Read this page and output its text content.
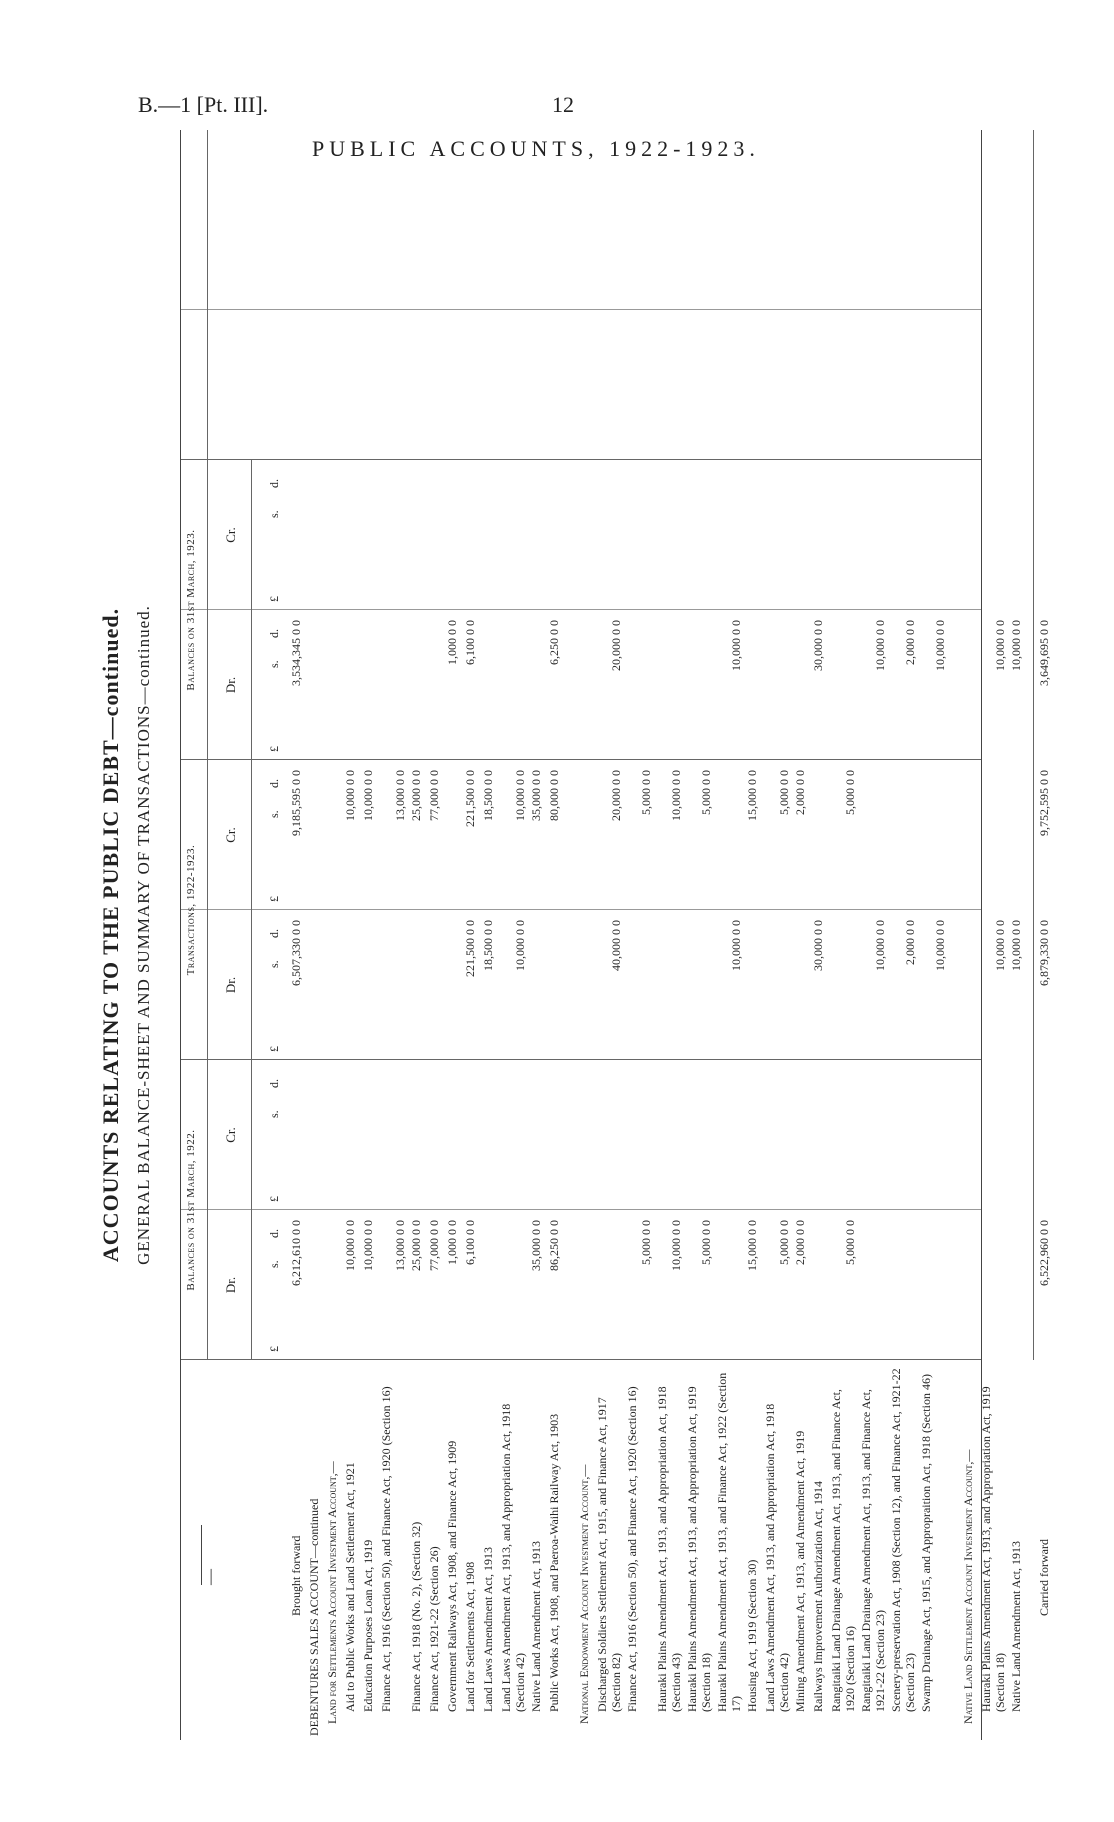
B.—1 [Pt. III].	12
PUBLIC ACCOUNTS, 1922-1923.
ACCOUNTS RELATING TO THE PUBLIC DEBT—continued. GENERAL BALANCE-SHEET AND SUMMARY OF TRANSACTIONS—continued.
—
Balances on 31st March, 1922.
Transactions, 1922-1923.
Balances on 31st March, 1923.
Dr.
Cr.
Dr.
Cr.
Dr.
Cr.
£
s.
d.
£
s.
d.
£
s.
d.
£
s.
d.
£
s.
d.
£
s.
d.
Brought forward
6,212,610 0 0
6,507,330 0 0
9,185,595 0 0
3,534,345 0 0
DEBENTURES SALES ACCOUNT—continued Land for Settlements Account Investment Account,— Aid to Public Works and Land Settlement Act, 1921
10,000 0 0
10,000 0 0
Education Purposes Loan Act, 1919
10,000 0 0
10,000 0 0
Finance Act, 1916 (Section 50), and Finance Act, 1920 (Section 16)
13,000 0 0
13,000 0 0
Finance Act, 1918 (No. 2), (Section 32)
25,000 0 0
25,000 0 0
Finance Act, 1921-22 (Section 26)
77,000 0 0
77,000 0 0
Government Railways Act, 1908, and Finance Act, 1909
1,000 0 0
1,000 0 0
Land for Settlements Act, 1908
6,100 0 0
221,500 0 0
221,500 0 0
6,100 0 0
Land Laws Amendment Act, 1913
18,500 0 0
18,500 0 0
Land Laws Amendment Act, 1913, and Appropriation Act, 1918 (Section 42)
10,000 0 0
10,000 0 0
Native Land Amendment Act, 1913
35,000 0 0
35,000 0 0
Public Works Act, 1908, and Paeroa-Waihi Railway Act, 1903
86,250 0 0
80,000 0 0
6,250 0 0
National Endowment Account Investment Account,— Discharged Soldiers Settlement Act, 1915, and Finance Act, 1917 (Section 82)
40,000 0 0
20,000 0 0
20,000 0 0
Finance Act, 1916 (Section 50), and Finance Act, 1920 (Section 16)
5,000 0 0
5,000 0 0
Hauraki Plains Amendment Act, 1913, and Appropriation Act, 1918 (Section 43)
10,000 0 0
10,000 0 0
Hauraki Plains Amendment Act, 1913, and Appropriation Act, 1919 (Section 18)
5,000 0 0
5,000 0 0
Hauraki Plains Amendment Act, 1913, and Finance Act, 1922 (Section 17)
10,000 0 0
10,000 0 0
Housing Act, 1919 (Section 30)
15,000 0 0
15,000 0 0
Land Laws Amendment Act, 1913, and Appropriation Act, 1918 (Section 42)
5,000 0 0
5,000 0 0
Mining Amendment Act, 1913, and Amendment Act, 1919
2,000 0 0
2,000 0 0
Railways Improvement Authorization Act, 1914
30,000 0 0
30,000 0 0
Rangitaiki Land Drainage Amendment Act, 1913, and Finance Act, 1920 (Section 16)
5,000 0 0
5,000 0 0
Rangitaiki Land Drainage Amendment Act, 1913, and Finance Act, 1921-22 (Section 23)
10,000 0 0
10,000 0 0
Scenery-preservation Act, 1908 (Section 12), and Finance Act, 1921-22 (Section 23)
2,000 0 0
2,000 0 0
Swamp Drainage Act, 1915, and Appropraition Act, 1918 (Section 46)
10,000 0 0
10,000 0 0
Native Land Settlement Account Investment Account,— Hauraki Plains Amendment Act, 1913, and Appropriation Act, 1919 (Section 18)
10,000 0 0
10,000 0 0
Native Land Amendment Act, 1913
10,000 0 0
10,000 0 0
Carried forward
6,522,960 0 0
6,879,330 0 0
9,752,595 0 0
3,649,695 0 0
